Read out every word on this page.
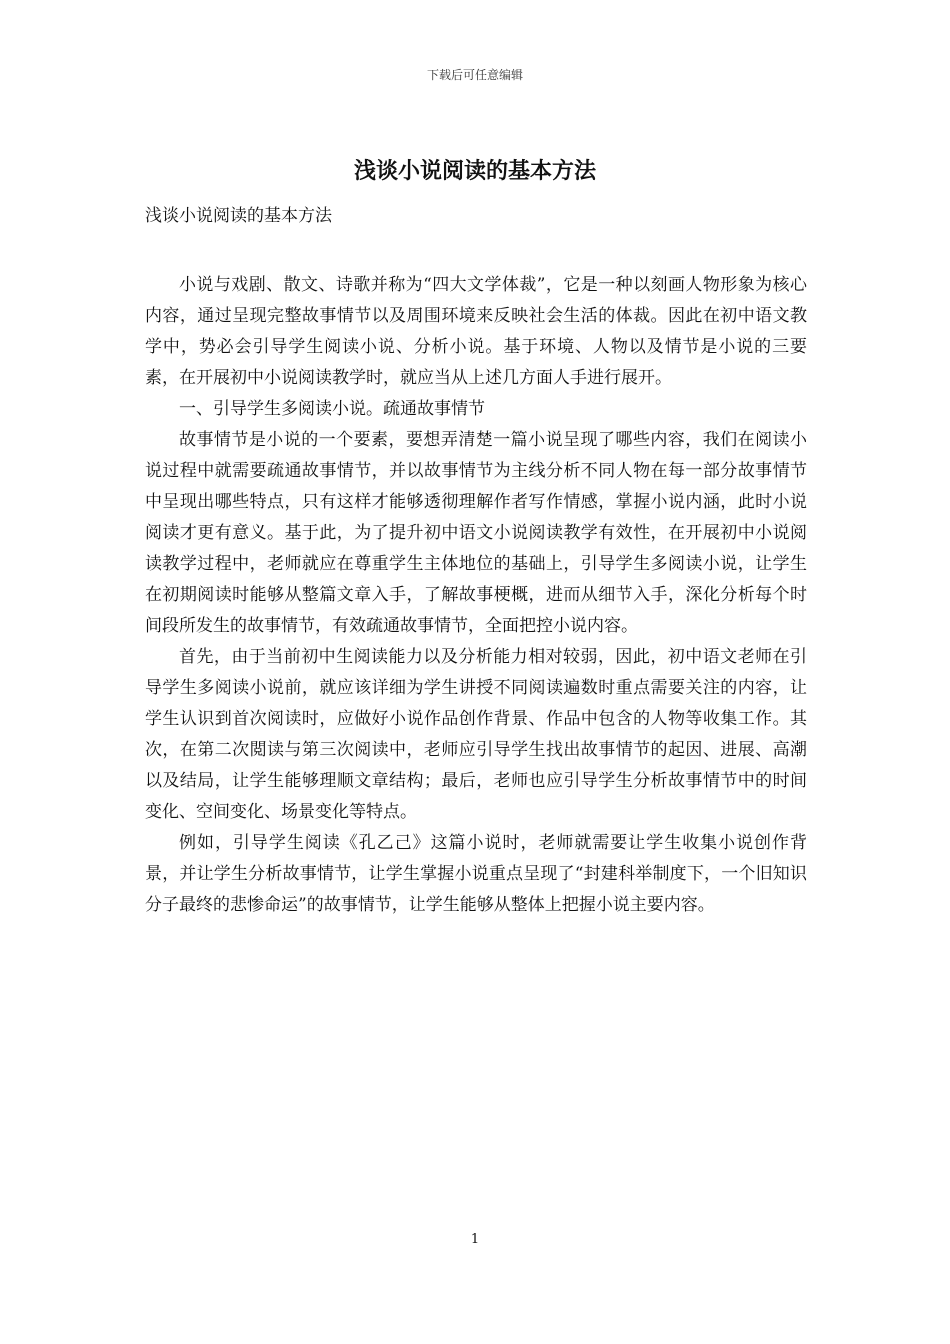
下载后可任意编辑
浅谈小说阅读的基本方法
浅谈小说阅读的基本方法

小说与戏剧、散文、诗歌并称为“四大文学体裁”，它是一种以刻画人物形象为核心内容，通过呈现完整故事情节以及周围环境来反映社会生活的体裁。因此在初中语文教学中，势必会引导学生阅读小说、分析小说。基于环境、人物以及情节是小说的三要素，在开展初中小说阅读教学时，就应当从上述几方面人手进行展开。

一、引导学生多阅读小说。疏通故事情节

故事情节是小说的一个要素，要想弄清楚一篇小说呈现了哪些内容，我们在阅读小说过程中就需要疏通故事情节，并以故事情节为主线分析不同人物在每一部分故事情节中呈现出哪些特点，只有这样才能够透彻理解作者写作情感，掌握小说内涵，此时小说阅读才更有意义。基于此，为了提升初中语文小说阅读教学有效性，在开展初中小说阅读教学过程中，老师就应在尊重学生主体地位的基础上，引导学生多阅读小说，让学生在初期阅读时能够从整篇文章入手，了解故事梗概，进而从细节入手，深化分析每个时间段所发生的故事情节，有效疏通故事情节，全面把控小说内容。

首先，由于当前初中生阅读能力以及分析能力相对较弱，因此，初中语文老师在引导学生多阅读小说前，就应该详细为学生讲授不同阅读遍数时重点需要关注的内容，让学生认识到首次阅读时，应做好小说作品创作背景、作品中包含的人物等收集工作。其次，在第二次閲读与第三次阅读中，老师应引导学生找出故事情节的起因、进展、高潮以及结局，让学生能够理顺文章结构；最后，老师也应引导学生分析故事情节中的时间变化、空间变化、场景变化等特点。

例如，引导学生阅读《孔乙己》这篇小说时，老师就需要让学生收集小说创作背景，并让学生分析故事情节，让学生掌握小说重点呈现了“封建科举制度下，一个旧知识分子最终的悲惨命运”的故事情节，让学生能够从整体上把握小说主要内容。

1
